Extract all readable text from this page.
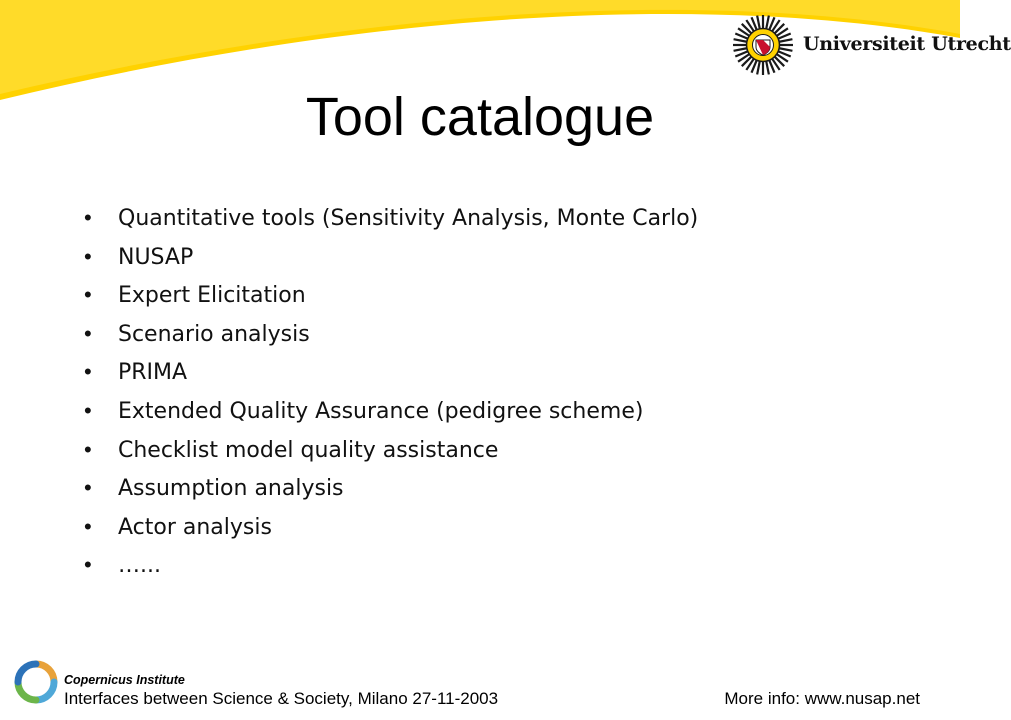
Universiteit Utrecht
Tool catalogue
•	Quantitative tools (Sensitivity Analysis, Monte Carlo)
•	NUSAP
•	Expert Elicitation
•	Scenario analysis
•	PRIMA
•	Extended Quality Assurance (pedigree scheme)
•	Checklist model quality assistance
•	Assumption analysis
•	Actor analysis
•	…...
Copernicus Institute
Interfaces between Science & Society, Milano 27-11-2003	More info: www.nusap.net
